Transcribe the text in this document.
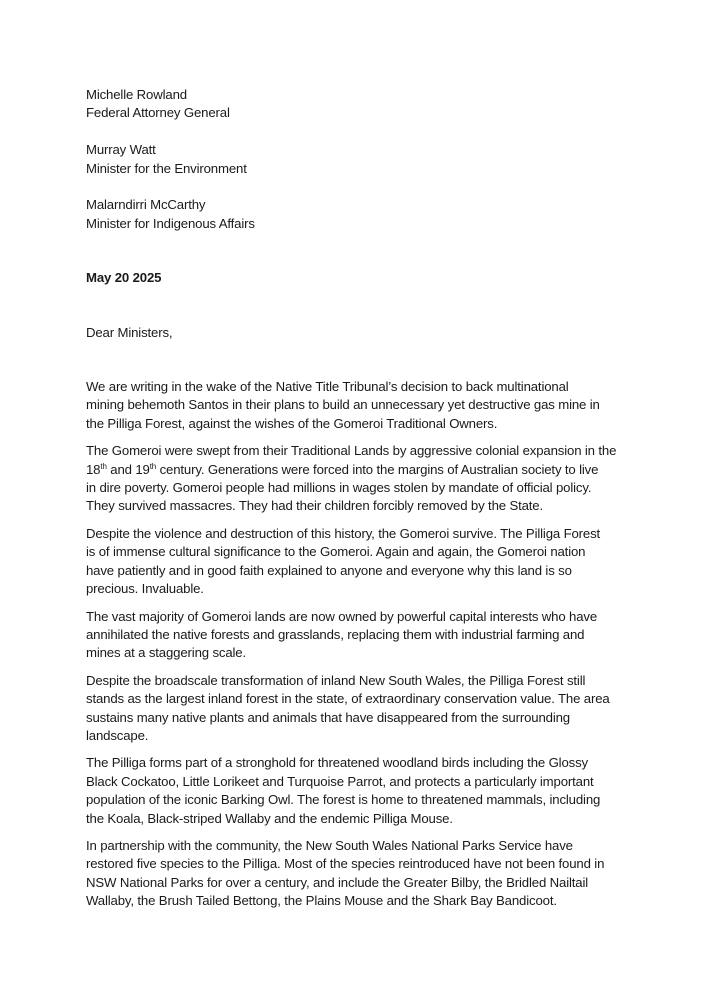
Michelle Rowland
Federal Attorney General
Murray Watt
Minister for the Environment
Malarndirri McCarthy
Minister for Indigenous Affairs
May 20 2025
Dear Ministers,
We are writing in the wake of the Native Title Tribunal’s decision to back multinational
mining behemoth Santos in their plans to build an unnecessary yet destructive gas mine in
the Pilliga Forest, against the wishes of the Gomeroi Traditional Owners.
The Gomeroi were swept from their Traditional Lands by aggressive colonial expansion in the
18th and 19th century. Generations were forced into the margins of Australian society to live
in dire poverty. Gomeroi people had millions in wages stolen by mandate of official policy.
They survived massacres. They had their children forcibly removed by the State.
Despite the violence and destruction of this history, the Gomeroi survive. The Pilliga Forest
is of immense cultural significance to the Gomeroi. Again and again, the Gomeroi nation
have patiently and in good faith explained to anyone and everyone why this land is so
precious. Invaluable.
The vast majority of Gomeroi lands are now owned by powerful capital interests who have
annihilated the native forests and grasslands, replacing them with industrial farming and
mines at a staggering scale.
Despite the broadscale transformation of inland New South Wales, the Pilliga Forest still
stands as the largest inland forest in the state, of extraordinary conservation value. The area
sustains many native plants and animals that have disappeared from the surrounding
landscape.
The Pilliga forms part of a stronghold for threatened woodland birds including the Glossy
Black Cockatoo, Little Lorikeet and Turquoise Parrot, and protects a particularly important
population of the iconic Barking Owl. The forest is home to threatened mammals, including
the Koala, Black-striped Wallaby and the endemic Pilliga Mouse.
In partnership with the community, the New South Wales National Parks Service have
restored five species to the Pilliga. Most of the species reintroduced have not been found in
NSW National Parks for over a century, and include the Greater Bilby, the Bridled Nailtail
Wallaby, the Brush Tailed Bettong, the Plains Mouse and the Shark Bay Bandicoot.
